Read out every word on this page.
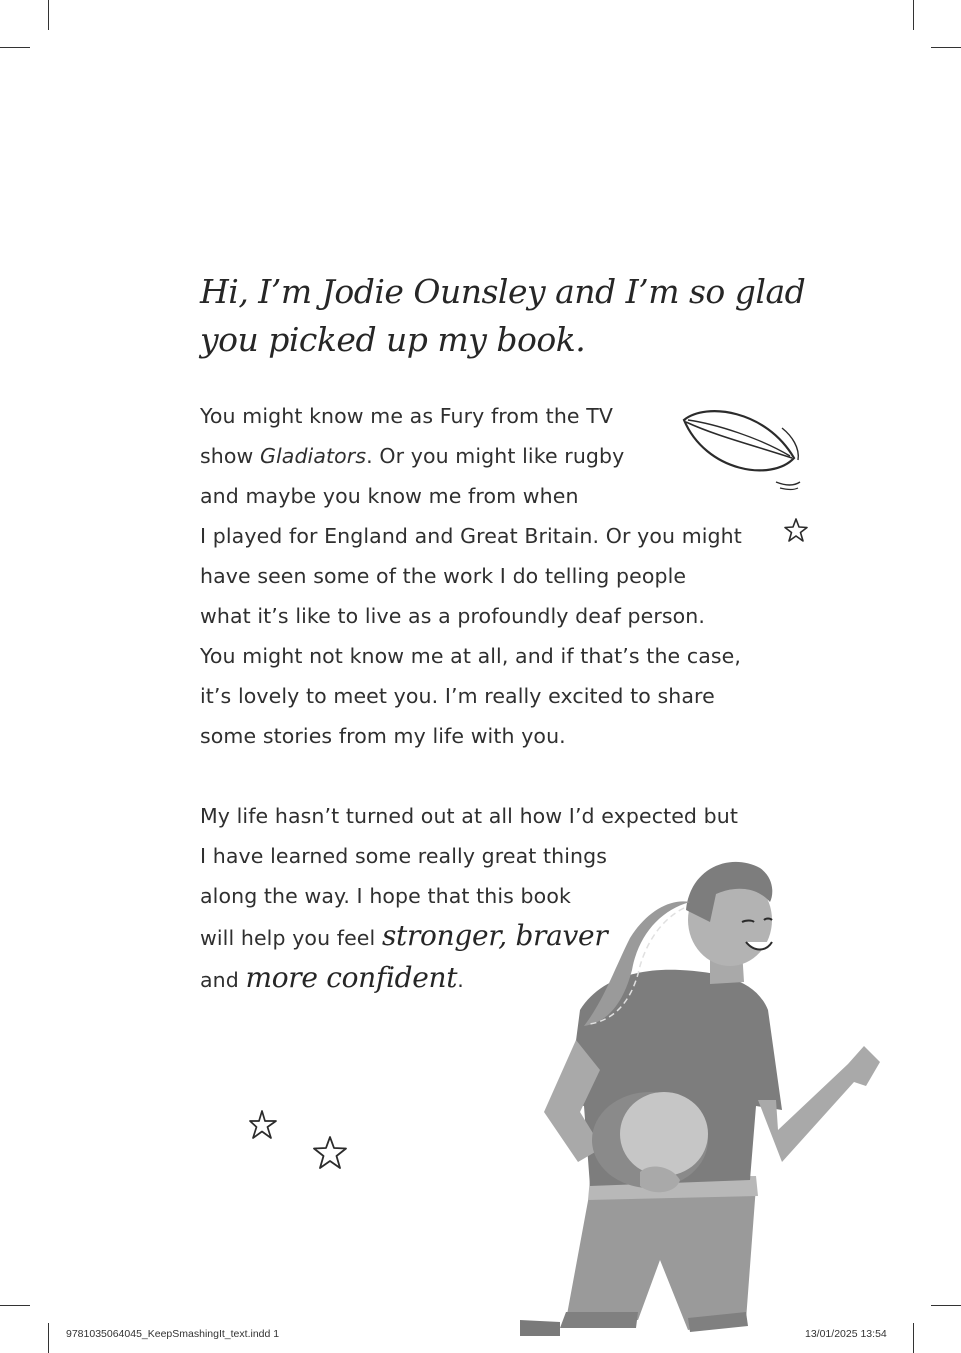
Hi, I’m Jodie Ounsley and I’m so glad
you picked up my book.
You might know me as Fury from the TV
show Gladiators. Or you might like rugby
and maybe you know me from when
I played for England and Great Britain. Or you might
have seen some of the work I do telling people
what it’s like to live as a profoundly deaf person.
You might not know me at all, and if that’s the case,
it’s lovely to meet you. I’m really excited to share
some stories from my life with you.
My life hasn’t turned out at all how I’d expected but
I have learned some really great things
along the way. I hope that this book
will help you feel stronger, braver
and more confident.
9781035064045_KeepSmashingIt_text.indd 1	13/01/2025 13:54
